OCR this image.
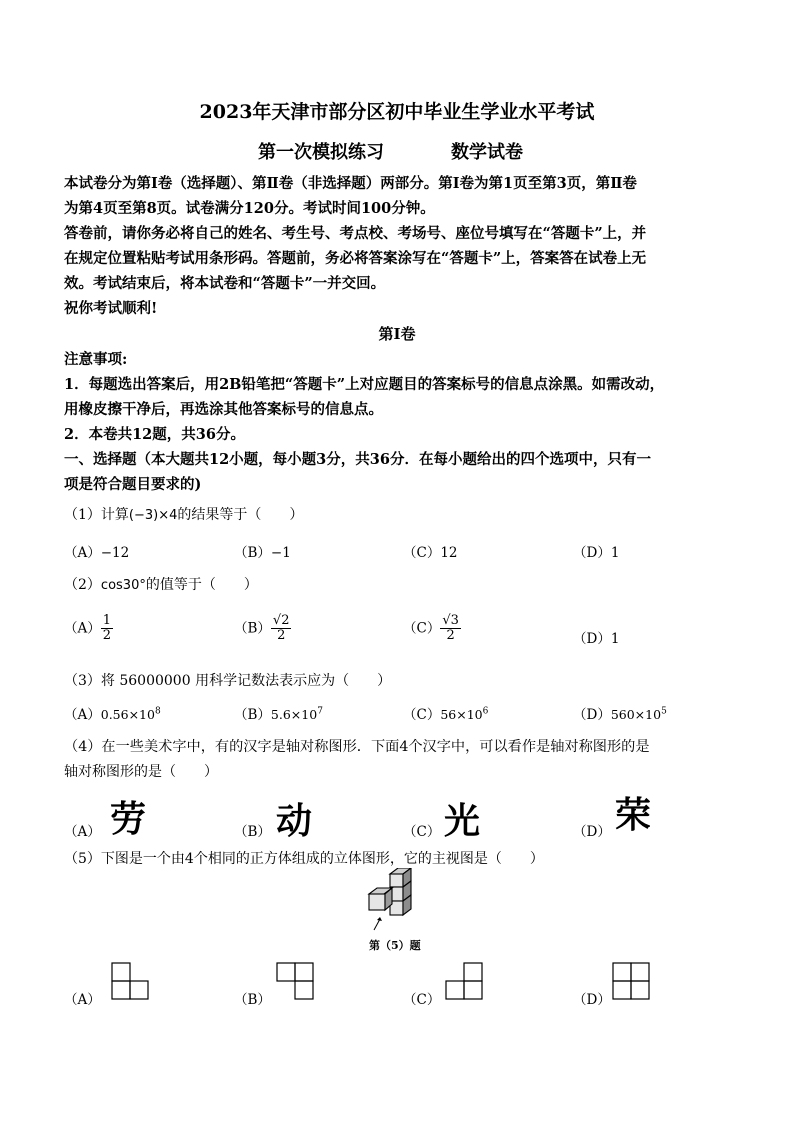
2023年天津市部分区初中毕业生学业水平考试
第一次模拟练习	数学试卷
本试卷分为第Ⅰ卷（选择题）、第Ⅱ卷（非选择题）两部分。第Ⅰ卷为第1页至第3页，第Ⅱ卷
为第4页至第8页。试卷满分120分。考试时间100分钟。
答卷前，请你务必将自己的姓名、考生号、考点校、考场号、座位号填写在“答题卡”上，并
在规定位置粘贴考试用条形码。答题前，务必将答案涂写在“答题卡”上，答案答在试卷上无
效。考试结束后，将本试卷和“答题卡”一并交回。
祝你考试顺利!
第Ⅰ卷
注意事项:
1．每题选出答案后，用2B铅笔把“答题卡”上对应题目的答案标号的信息点涂黑。如需改动，
用橡皮擦干净后，再选涂其他答案标号的信息点。
2．本卷共12题，共36分。
一、选择题（本大题共12小题，每小题3分，共36分．在每小题给出的四个选项中，只有一
项是符合题目要求的)
（1）计算(−3)×4的结果等于（　　）
（A）−12	（B）−1	（C）12	（D）1
（2）cos30°的值等于（　　）
$(A) \frac{1}{2}$	$(B) \frac{√2}{2}$	$(C) \frac{√3}{2}$	（D）1
（3）将 56000000 用科学记数法表示应为（　　）
$(A)0.56\times 10^8$	$(B)5.6\times 10^7$	$(C)56\times 10^6$	$(D)560\times 10^5$
（4）在一些美术字中，有的汉字是轴对称图形．下面4个汉字中，可以看作是轴对称图形的是
轴对称图形的是（　　）
（A） 劳	（B） 动	（C） 光	（D） 荣
（5）下图是一个由4个相同的正方体组成的立体图形，它的主视图是（　　）
第（5）题
（A）	（B）	（C）	（D）
